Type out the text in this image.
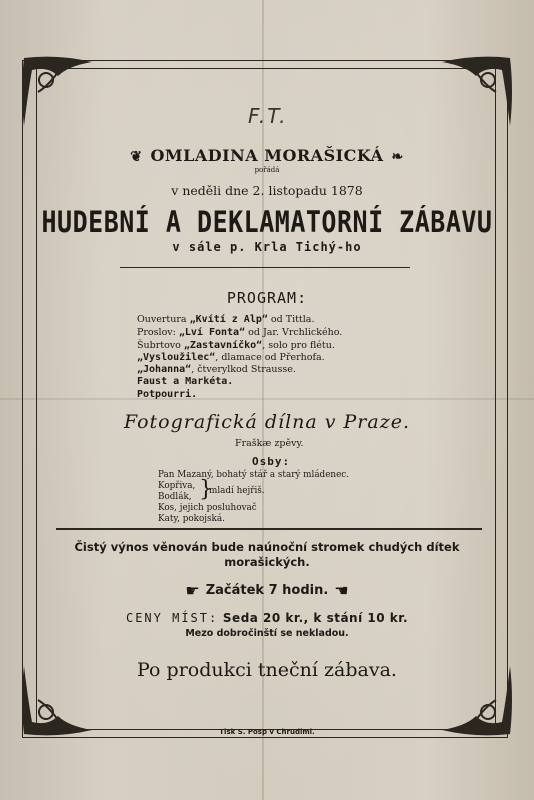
F.T.
❦ OMLADINA MORAŠICKÁ ❧
pořádá
v neděli dne 2. listopadu 1878
HUDEBNÍ A DEKLAMATORNÍ ZÁBAVU
v sále p. Krla Tichý-ho
PROGRAM:
Ouvertura „Kvítí z Alp“ od Tittla.
Proslov: „Lví Fonta“ od Jar. Vrchlického.
Šubrtovo „Zastavníčko“, solo pro flétu.
„Vysloužilec“, dlamace od Přerhofa.
„Johanna“, čtverylkod Strausse.
Faust a Markéta.
Potpourri.
Fotografická dílna v Praze.
Fraškæ zpěvy.
Osby:
Pan Mazaný, bohatý stář a starý mládenec.
Kopřiva,
Bodlák, }
mladí hejřiš.
Kos, jejich posluhovač
Katy, pokojská.
Čistý výnos věnován bude naúnoční stromek chudých dítek
morašických.
☛ Začátek 7 hodin. ☚
CENY MÍST: Seda 20 kr., k stání 10 kr.
Mezo dobročinští se nekladou.
Po produkci tneční zábava.
Tisk S. Posp v Chrudimi.
